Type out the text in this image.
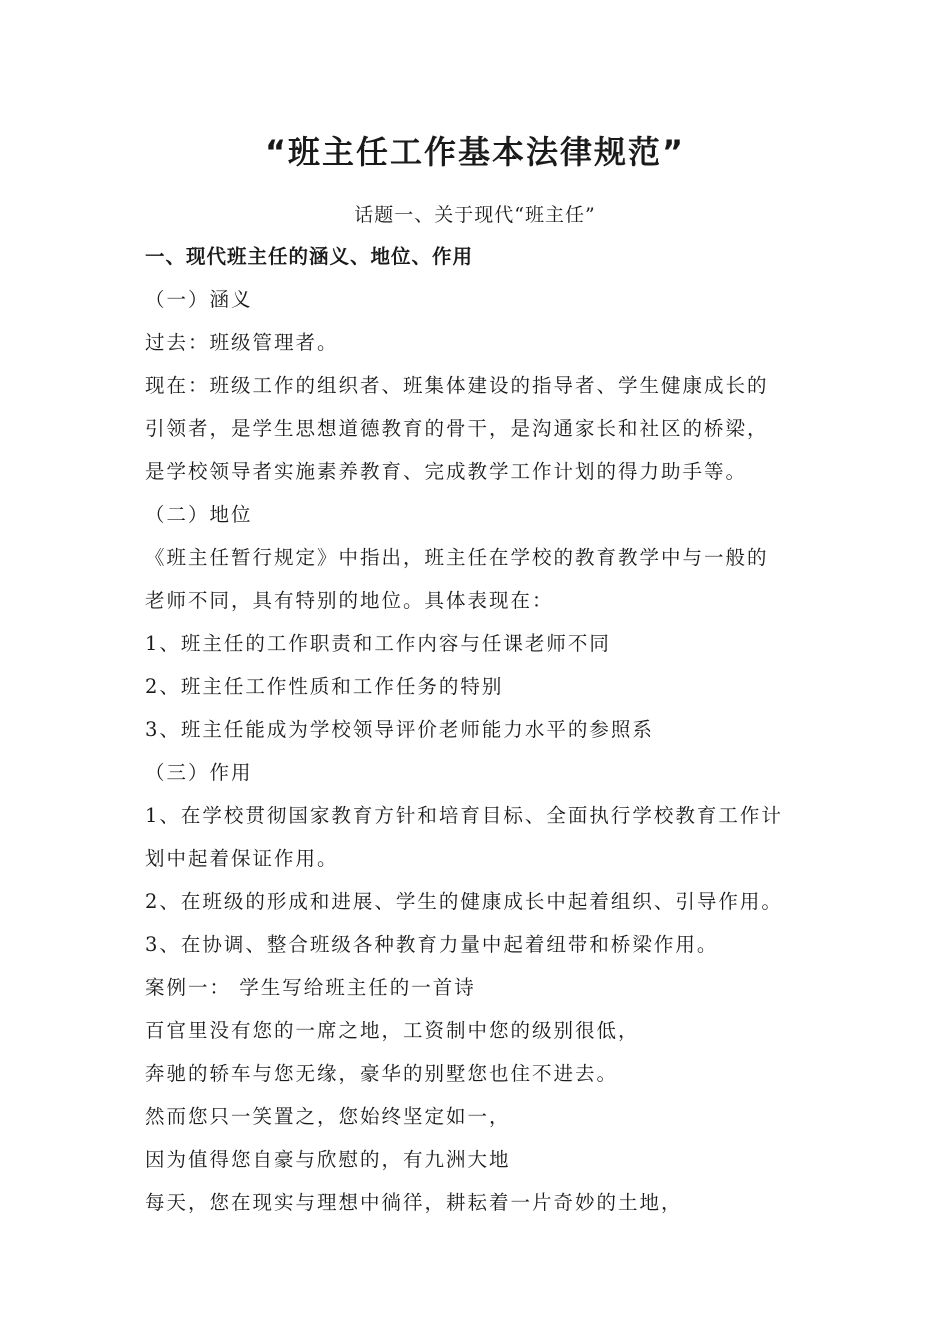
“班主任工作基本法律规范”
话题一、关于现代“班主任”
一、现代班主任的涵义、地位、作用
（一）涵义
过去：班级管理者。
现在：班级工作的组织者、班集体建设的指导者、学生健康成长的
引领者，是学生思想道德教育的骨干，是沟通家长和社区的桥梁，
是学校领导者实施素养教育、完成教学工作计划的得力助手等。
（二）地位
《班主任暂行规定》中指出，班主任在学校的教育教学中与一般的
老师不同，具有特别的地位。具体表现在：
1、班主任的工作职责和工作内容与任课老师不同
2、班主任工作性质和工作任务的特别
3、班主任能成为学校领导评价老师能力水平的参照系
（三）作用
1、在学校贯彻国家教育方针和培育目标、全面执行学校教育工作计
划中起着保证作用。
2、在班级的形成和进展、学生的健康成长中起着组织、引导作用。
3、在协调、整合班级各种教育力量中起着纽带和桥梁作用。
案例一： 学生写给班主任的一首诗
百官里没有您的一席之地，工资制中您的级别很低，
奔驰的轿车与您无缘，豪华的别墅您也住不进去。
然而您只一笑置之，您始终坚定如一，
因为值得您自豪与欣慰的，有九洲大地
每天，您在现实与理想中徜徉，耕耘着一片奇妙的土地，
